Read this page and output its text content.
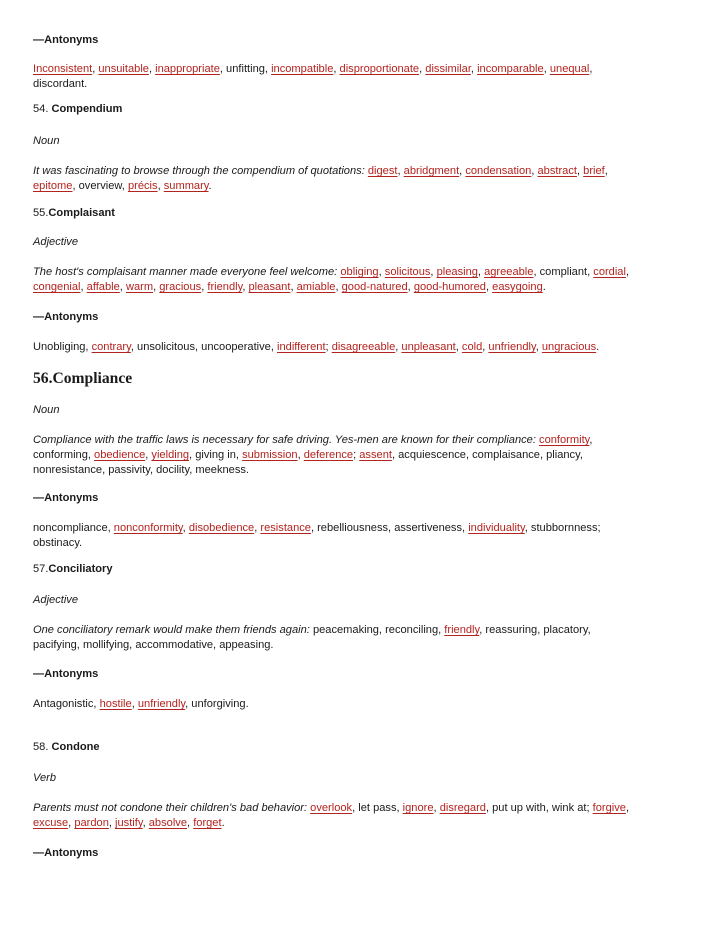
—Antonyms
Inconsistent, unsuitable, inappropriate, unfitting, incompatible, disproportionate, dissimilar, incomparable, unequal,
discordant.
54. Compendium
Noun
It was fascinating to browse through the compendium of quotations: digest, abridgment, condensation, abstract, brief,
epitome, overview, précis, summary.
55.Complaisant
Adjective
The host's complaisant manner made everyone feel welcome: obliging, solicitous, pleasing, agreeable, compliant, cordial,
congenial, affable, warm, gracious, friendly, pleasant, amiable, good-natured, good-humored, easygoing.
—Antonyms
Unobliging, contrary, unsolicitous, uncooperative, indifferent; disagreeable, unpleasant, cold, unfriendly, ungracious.
56.Compliance
Noun
Compliance with the traffic laws is necessary for safe driving. Yes-men are known for their compliance: conformity,
conforming, obedience, yielding, giving in, submission, deference; assent, acquiescence, complaisance, pliancy,
nonresistance, passivity, docility, meekness.
—Antonyms
noncompliance, nonconformity, disobedience, resistance, rebelliousness, assertiveness, individuality, stubbornness;
obstinacy.
57.Conciliatory
Adjective
One conciliatory remark would make them friends again: peacemaking, reconciling, friendly, reassuring, placatory,
pacifying, mollifying, accommodative, appeasing.
—Antonyms
Antagonistic, hostile, unfriendly, unforgiving.
58. Condone
Verb
Parents must not condone their children's bad behavior: overlook, let pass, ignore, disregard, put up with, wink at; forgive,
excuse, pardon, justify, absolve, forget.
—Antonyms
